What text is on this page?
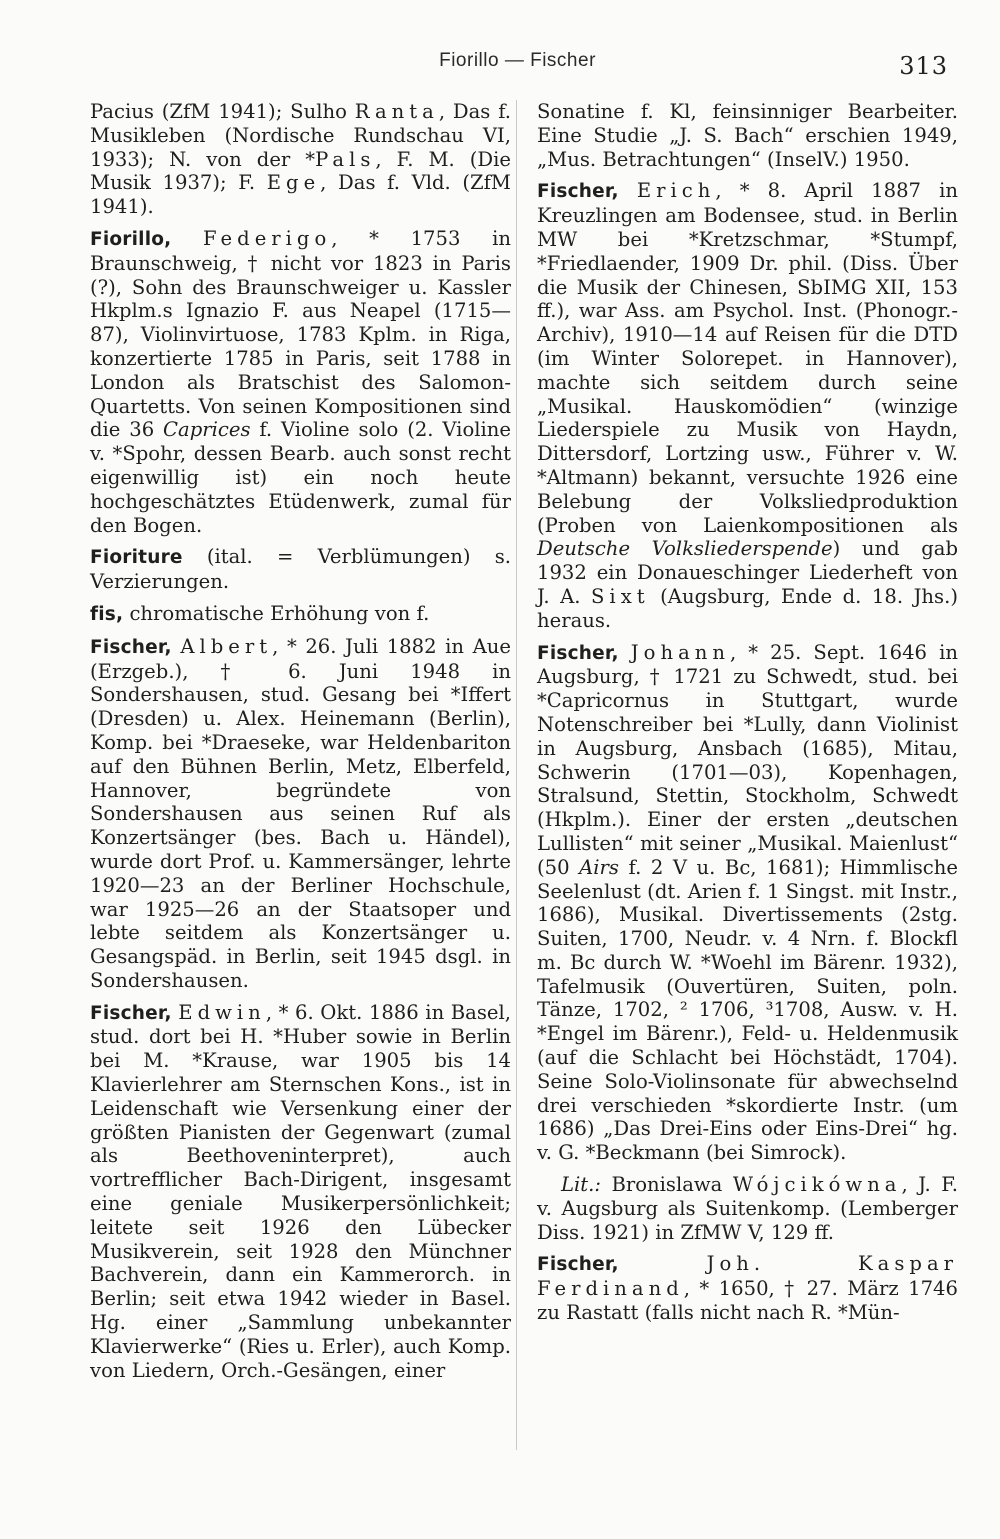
Fiorillo — Fischer	313

Pacius (ZfM 1941); Sulho Ranta, Das f. Musikleben (Nordische Rundschau VI, 1933); N. von der *Pals, F. M. (Die Musik 1937); F. Ege, Das f. Vld. (ZfM 1941).

Fiorillo, Federigo, * 1753 in Braunschweig, † nicht vor 1823 in Paris (?), Sohn des Braunschweiger u. Kassler Hkplm.s Ignazio F. aus Neapel (1715—87), Violinvirtuose, 1783 Kplm. in Riga, konzertierte 1785 in Paris, seit 1788 in London als Bratschist des Salomon-Quartetts. Von seinen Kompositionen sind die 36 Caprices f. Violine solo (2. Violine v. *Spohr, dessen Bearb. auch sonst recht eigenwillig ist) ein noch heute hochgeschätztes Etüdenwerk, zumal für den Bogen.

Fioriture (ital. = Verblümungen) s. Verzierungen.

fis, chromatische Erhöhung von f.

Fischer, Albert, * 26. Juli 1882 in Aue (Erzgeb.), † 6. Juni 1948 in Sondershausen, stud. Gesang bei *Iffert (Dresden) u. Alex. Heinemann (Berlin), Komp. bei *Draeseke, war Heldenbariton auf den Bühnen Berlin, Metz, Elberfeld, Hannover, begründete von Sondershausen aus seinen Ruf als Konzertsänger (bes. Bach u. Händel), wurde dort Prof. u. Kammersänger, lehrte 1920—23 an der Berliner Hochschule, war 1925—26 an der Staatsoper und lebte seitdem als Konzertsänger u. Gesangspäd. in Berlin, seit 1945 dsgl. in Sondershausen.

Fischer, Edwin, * 6. Okt. 1886 in Basel, stud. dort bei H. *Huber sowie in Berlin bei M. *Krause, war 1905 bis 14 Klavierlehrer am Sternschen Kons., ist in Leidenschaft wie Versenkung einer der größten Pianisten der Gegenwart (zumal als Beethoveninterpret), auch vortrefflicher Bach-Dirigent, insgesamt eine geniale Musikerpersönlichkeit; leitete seit 1926 den Lübecker Musikverein, seit 1928 den Münchner Bachverein, dann ein Kammerorch. in Berlin; seit etwa 1942 wieder in Basel. Hg. einer „Sammlung unbekannter Klavierwerke“ (Ries u. Erler), auch Komp. von Liedern, Orch.-Gesängen, einer

Sonatine f. Kl, feinsinniger Bearbeiter. Eine Studie „J. S. Bach“ erschien 1949, „Mus. Betrachtungen“ (InselV.) 1950.

Fischer, Erich, * 8. April 1887 in Kreuzlingen am Bodensee, stud. in Berlin MW bei *Kretzschmar, *Stumpf, *Friedlaender, 1909 Dr. phil. (Diss. Über die Musik der Chinesen, SbIMG XII, 153 ff.), war Ass. am Psychol. Inst. (Phonogr.-Archiv), 1910—14 auf Reisen für die DTD (im Winter Solorepet. in Hannover), machte sich seitdem durch seine „Musikal. Hauskomödien“ (winzige Liederspiele zu Musik von Haydn, Dittersdorf, Lortzing usw., Führer v. W. *Altmann) bekannt, versuchte 1926 eine Belebung der Volksliedproduktion (Proben von Laienkompositionen als Deutsche Volksliederspende) und gab 1932 ein Donaueschinger Liederheft von J. A. Sixt (Augsburg, Ende d. 18. Jhs.) heraus.

Fischer, Johann, * 25. Sept. 1646 in Augsburg, † 1721 zu Schwedt, stud. bei *Capricornus in Stuttgart, wurde Notenschreiber bei *Lully, dann Violinist in Augsburg, Ansbach (1685), Mitau, Schwerin (1701—03), Kopenhagen, Stralsund, Stettin, Stockholm, Schwedt (Hkplm.). Einer der ersten „deutschen Lullisten“ mit seiner „Musikal. Maienlust“ (50 Airs f. 2 V u. Bc, 1681); Himmlische Seelenlust (dt. Arien f. 1 Singst. mit Instr., 1686), Musikal. Divertissements (2stg. Suiten, 1700, Neudr. v. 4 Nrn. f. Blockfl m. Bc durch W. *Woehl im Bärenr. 1932), Tafelmusik (Ouvertüren, Suiten, poln. Tänze, 1702, ² 1706, ³1708, Ausw. v. H. *Engel im Bärenr.), Feld- u. Heldenmusik (auf die Schlacht bei Höchstädt, 1704). Seine Solo-Violinsonate für abwechselnd drei verschieden *skordierte Instr. (um 1686) „Das Drei-Eins oder Eins-Drei“ hg. v. G. *Beckmann (bei Simrock).

Lit.: Bronislawa Wójcikówna, J. F. v. Augsburg als Suitenkomp. (Lemberger Diss. 1921) in ZfMW V, 129 ff.

Fischer,	Joh. Kaspar Ferdinand, * 1650, † 27. März 1746 zu Rastatt (falls nicht nach R. *Mün-
